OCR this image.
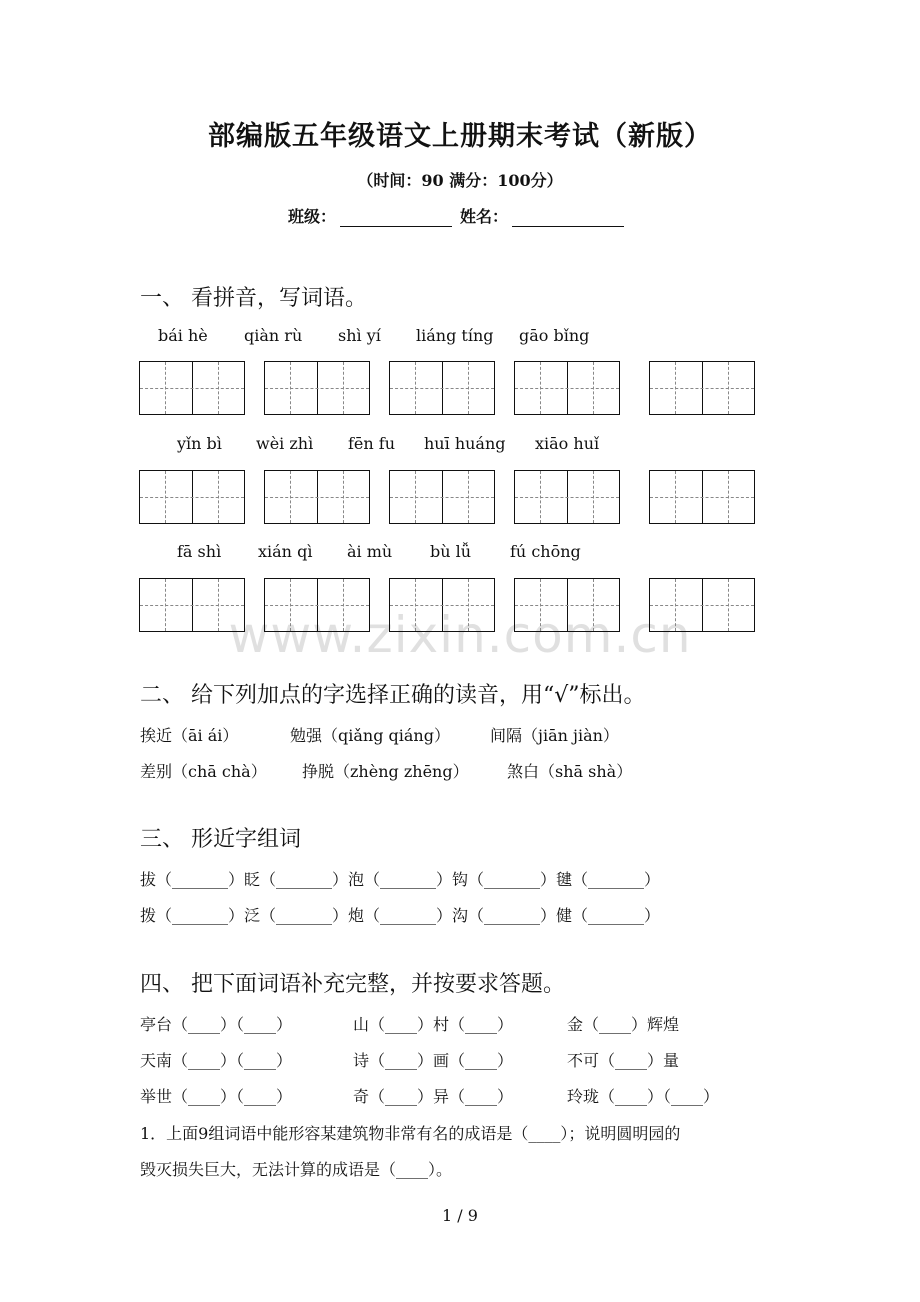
部编版五年级语文上册期末考试（新版）
（时间：90 满分：100分）
班级：	姓名：
www.zixin.com.cn
一、 看拼音，写词语。
bái hè qiàn rù shì yí liáng tíng gāo bǐng
yǐn bì wèi zhì fēn fu huī huáng xiāo huǐ
fā shì xián qì ài mù bù lǚ fú chōng
二、 给下列加点的字选择正确的读音，用“√”标出。
挨近（āi ái）	勉强（qiǎng qiáng）	间隔（jiān jiàn）
差别（chā chà） 挣脱（zhèng zhēng） 煞白（shā shà）
三、 形近字组词
拔（_______）眨（_______）泡（_______）钩（_______）毽（_______）
拨（_______）泛（_______）炮（_______）沟（_______）健（_______）
四、 把下面词语补充完整，并按要求答题。
亭台（____）（____）	山（____）村（____）	金（____）辉煌
天南（____）（____）	诗（____）画（____）	不可（____）量
举世（____）（____）	奇（____）异（____）	玲珑（____）（____）
1．上面9组词语中能形容某建筑物非常有名的成语是（____）；说明圆明园的
毁灭损失巨大，无法计算的成语是（____）。
1 / 9
